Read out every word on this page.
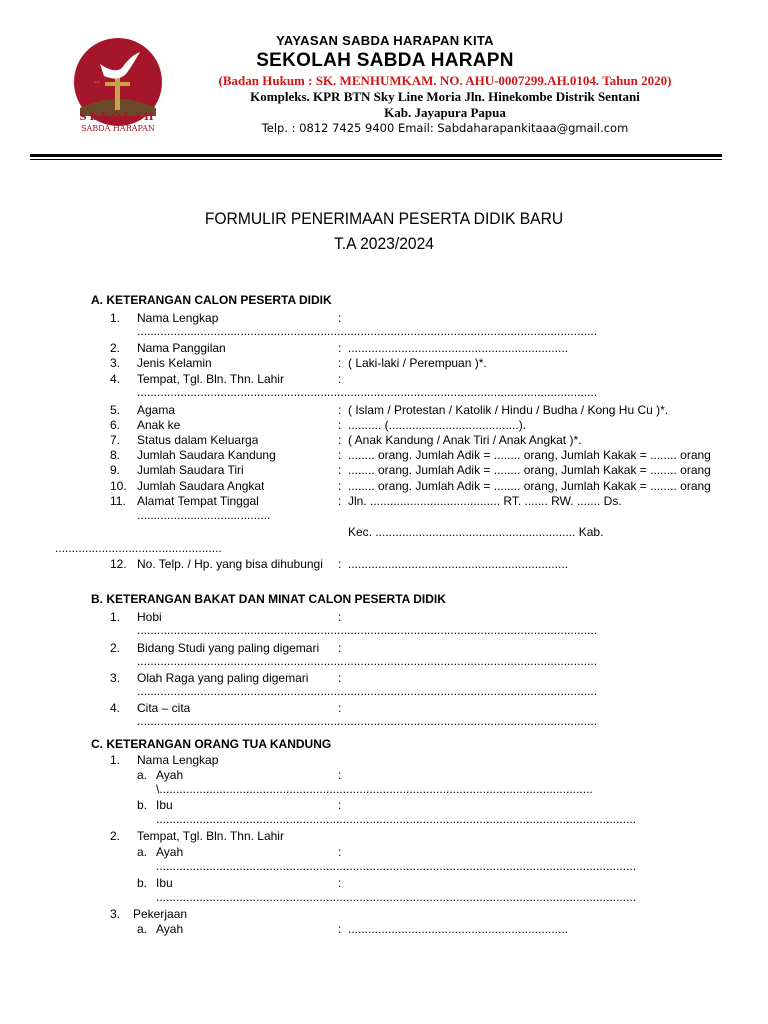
⋯
SEKOLAH
SABDA HARAPAN
YAYASAN SABDA HARAPAN KITA
SEKOLAH SABDA HARAPN
(Badan Hukum : SK. MENHUMKAM. NO. AHU-0007299.AH.0104. Tahun 2020)
Kompleks. KPR BTN Sky Line Moria Jln. Hinekombe Distrik Sentani
Kab. Jayapura Papua
Telp. : 0812 7425 9400 Email: Sabdaharapankitaaa@gmail.com
FORMULIR PENERIMAAN PESERTA DIDIK BARU
T.A 2023/2024
A. KETERANGAN CALON PESERTA DIDIK
1. Nama Lengkap	:
..........................................................................................................................................
2. Nama Panggilan	: ..................................................................
3. Jenis Kelamin	: ( Laki-laki / Perempuan )*.
4. Tempat, Tgl. Bln. Thn. Lahir	:
..........................................................................................................................................
5. Agama	: ( Islam / Protestan / Katolik / Hindu / Budha / Kong Hu Cu )*.
6. Anak ke	: .......... (.......................................).
7. Status dalam Keluarga	: ( Anak Kandung / Anak Tiri / Anak Angkat )*.
8. Jumlah Saudara Kandung	: ........ orang. Jumlah Adik = ........ orang, Jumlah Kakak = ........ orang
9. Jumlah Saudara Tiri	: ........ orang. Jumlah Adik = ........ orang, Jumlah Kakak = ........ orang
10. Jumlah Saudara Angkat	: ........ orang. Jumlah Adik = ........ orang, Jumlah Kakak = ........ orang
11. Alamat Tempat Tinggal	: Jln. ....................................... RT. ....... RW. ....... Ds.
........................................
Kec. ............................................................ Kab.
..................................................
12. No. Telp. / Hp. yang bisa dihubungi : ..................................................................
B. KETERANGAN BAKAT DAN MINAT CALON PESERTA DIDIK
1. Hobi	:
..........................................................................................................................................
2. Bidang Studi yang paling digemari :
..........................................................................................................................................
3. Olah Raga yang paling digemari :
..........................................................................................................................................
4. Cita – cita	:
..........................................................................................................................................
C. KETERANGAN ORANG TUA KANDUNG
1. Nama Lengkap
a. Ayah	:
\..................................................................................................................................
b. Ibu	:
................................................................................................................................................
2. Tempat, Tgl. Bln. Thn. Lahir
a. Ayah	:
................................................................................................................................................
b. Ibu	:
................................................................................................................................................
3. Pekerjaan
a. Ayah	: ..................................................................
